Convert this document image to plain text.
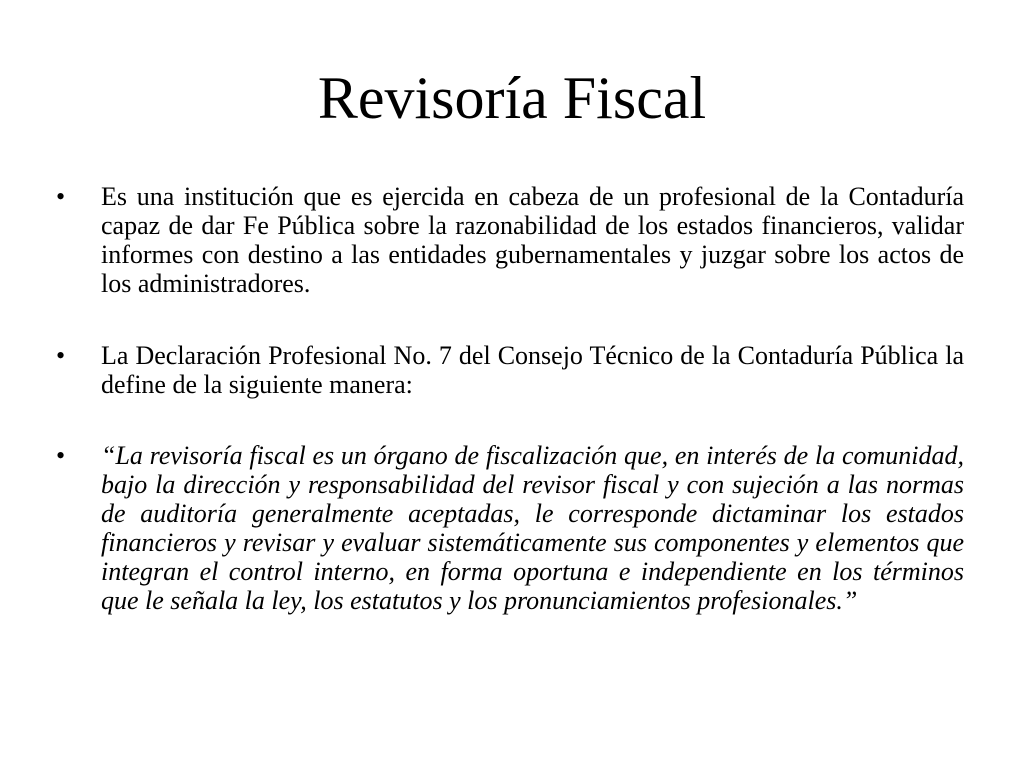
Revisoría Fiscal
•	Es una institución que es ejercida en cabeza de un profesional de la Contaduría capaz de dar Fe Pública sobre la razonabilidad de los estados financieros, validar informes con destino a las entidades gubernamentales y juzgar sobre los actos de los administradores.
•	La Declaración Profesional No. 7 del Consejo Técnico de la Contaduría Pública la define de la siguiente manera:
•	“La revisoría fiscal es un órgano de fiscalización que, en interés de la comunidad, bajo la dirección y responsabilidad del revisor fiscal y con sujeción a las normas de auditoría generalmente aceptadas, le corresponde dictaminar los estados financieros y revisar y evaluar sistemáticamente sus componentes y elementos que integran el control interno, en forma oportuna e independiente en los términos que le señala la ley, los estatutos y los pronunciamientos profesionales.”
